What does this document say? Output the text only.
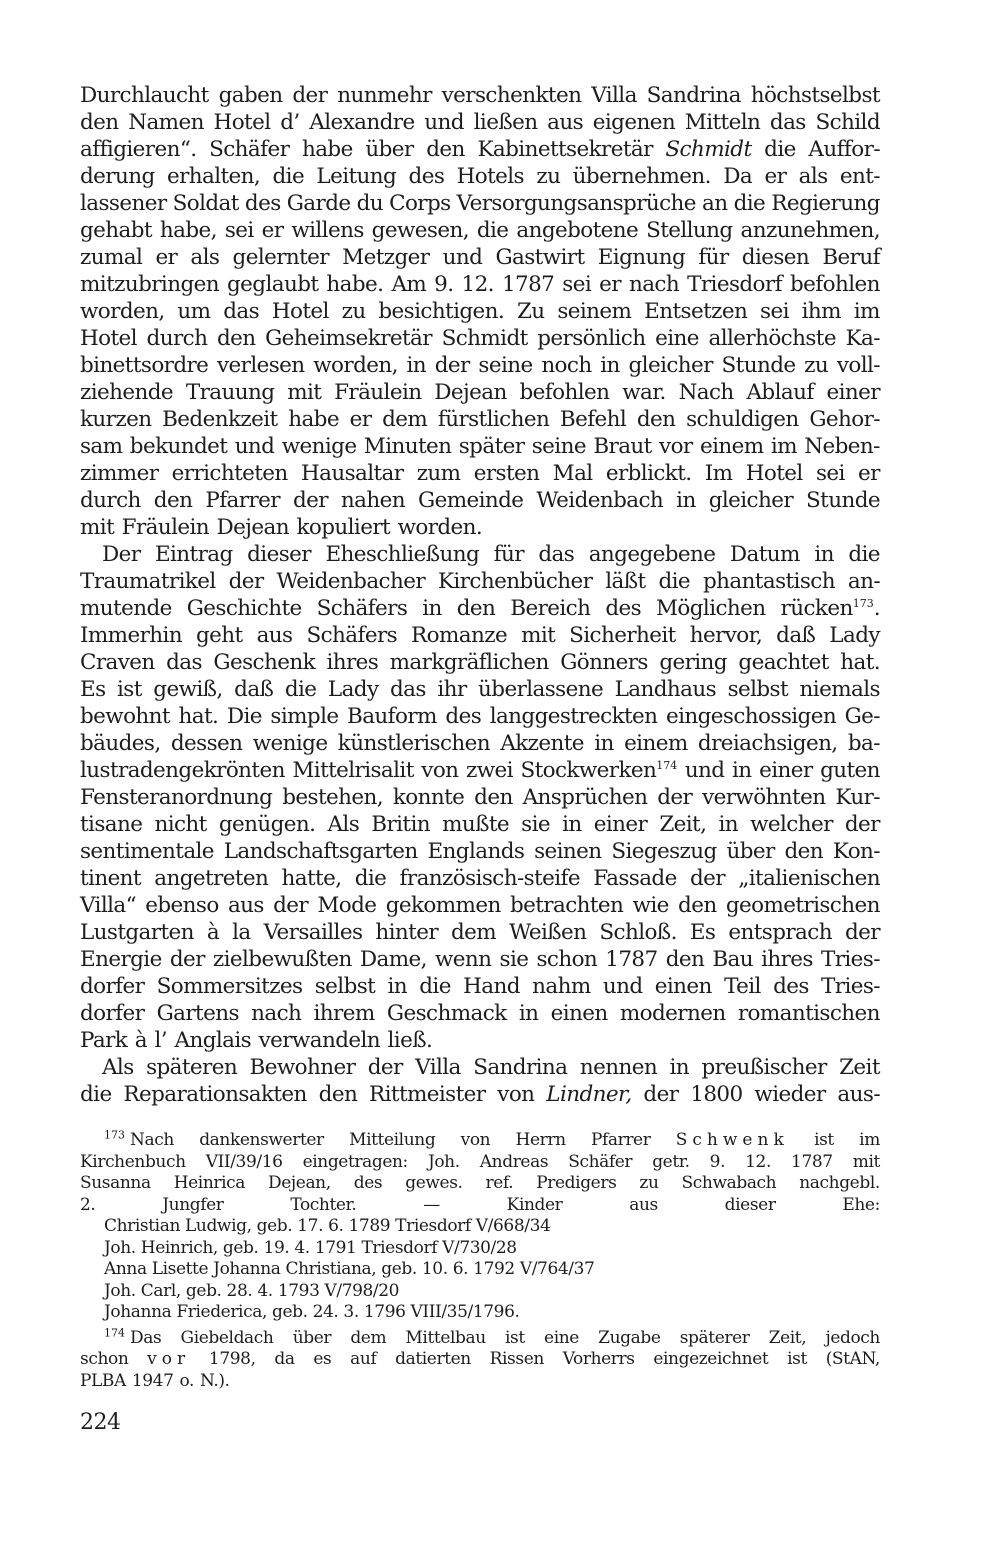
Durchlaucht gaben der nunmehr verschenkten Villa Sandrina höchstselbst
den Namen Hotel d’ Alexandre und ließen aus eigenen Mitteln das Schild
affigieren“. Schäfer habe über den Kabinettsekretär Schmidt die Auffor-
derung erhalten, die Leitung des Hotels zu übernehmen. Da er als ent-
lassener Soldat des Garde du Corps Versorgungsansprüche an die Regierung
gehabt habe, sei er willens gewesen, die angebotene Stellung anzunehmen,
zumal er als gelernter Metzger und Gastwirt Eignung für diesen Beruf
mitzubringen geglaubt habe. Am 9. 12. 1787 sei er nach Triesdorf befohlen
worden, um das Hotel zu besichtigen. Zu seinem Entsetzen sei ihm im
Hotel durch den Geheimsekretär Schmidt persönlich eine allerhöchste Ka-
binettsordre verlesen worden, in der seine noch in gleicher Stunde zu voll-
ziehende Trauung mit Fräulein Dejean befohlen war. Nach Ablauf einer
kurzen Bedenkzeit habe er dem fürstlichen Befehl den schuldigen Gehor-
sam bekundet und wenige Minuten später seine Braut vor einem im Neben-
zimmer errichteten Hausaltar zum ersten Mal erblickt. Im Hotel sei er
durch den Pfarrer der nahen Gemeinde Weidenbach in gleicher Stunde
mit Fräulein Dejean kopuliert worden.
Der Eintrag dieser Eheschließung für das angegebene Datum in die
Traumatrikel der Weidenbacher Kirchenbücher läßt die phantastisch an-
mutende Geschichte Schäfers in den Bereich des Möglichen rücken$^{173}$.
Immerhin geht aus Schäfers Romanze mit Sicherheit hervor, daß Lady
Craven das Geschenk ihres markgräflichen Gönners gering geachtet hat.
Es ist gewiß, daß die Lady das ihr überlassene Landhaus selbst niemals
bewohnt hat. Die simple Bauform des langgestreckten eingeschossigen Ge-
bäudes, dessen wenige künstlerischen Akzente in einem dreiachsigen, ba-
lustradengekrönten Mittelrisalit von zwei Stockwerken$^{174}$ und in einer guten
Fensteranordnung bestehen, konnte den Ansprüchen der verwöhnten Kur-
tisane nicht genügen. Als Britin mußte sie in einer Zeit, in welcher der
sentimentale Landschaftsgarten Englands seinen Siegeszug über den Kon-
tinent angetreten hatte, die französisch-steife Fassade der „italienischen
Villa“ ebenso aus der Mode gekommen betrachten wie den geometrischen
Lustgarten à la Versailles hinter dem Weißen Schloß. Es entsprach der
Energie der zielbewußten Dame, wenn sie schon 1787 den Bau ihres Tries-
dorfer Sommersitzes selbst in die Hand nahm und einen Teil des Tries-
dorfer Gartens nach ihrem Geschmack in einen modernen romantischen
Park à l’ Anglais verwandeln ließ.
Als späteren Bewohner der Villa Sandrina nennen in preußischer Zeit
die Reparationsakten den Rittmeister von Lindner, der 1800 wieder aus-
$^{173}$ Nach dankenswerter Mitteilung von Herrn Pfarrer Schwenk ist im
Kirchenbuch VII/39/16 eingetragen: Joh. Andreas Schäfer getr. 9. 12. 1787 mit
Susanna Heinrica Dejean, des gewes. ref. Predigers zu Schwabach nachgebl.
2.	Jungfer	Tochter.	—	Kinder	aus	dieser	Ehe:
Christian Ludwig, geb. 17. 6. 1789 Triesdorf V/668/34
Joh. Heinrich, geb. 19. 4. 1791 Triesdorf V/730/28
Anna Lisette Johanna Christiana, geb. 10. 6. 1792 V/764/37
Joh. Carl, geb. 28. 4. 1793 V/798/20
Johanna Friederica, geb. 24. 3. 1796 VIII/35/1796.
$^{174}$ Das Giebeldach über dem Mittelbau ist eine Zugabe späterer Zeit, jedoch
schon vor 1798, da es auf datierten Rissen Vorherrs eingezeichnet ist (StAN,
PLBA 1947 o. N.).
224
